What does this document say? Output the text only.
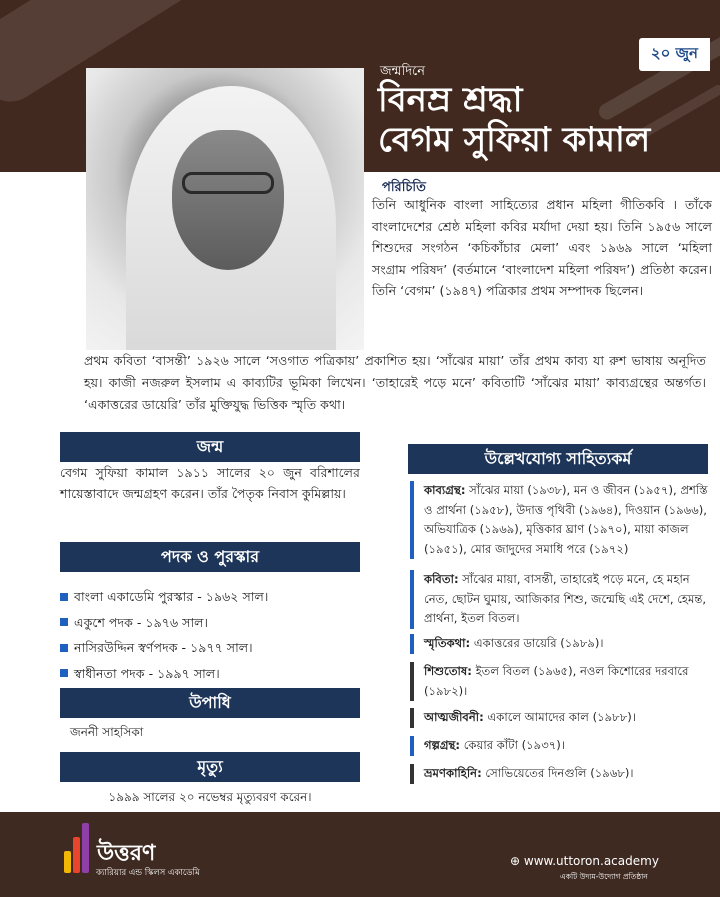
২০ জুন
জন্মদিনে
বিনম্র শ্রদ্ধা
বেগম সুফিয়া কামাল
পরিচিতি
তিনি আধুনিক বাংলা সাহিত্যের প্রধান মহিলা গীতিকবি । তাঁকে বাংলাদেশের শ্রেষ্ঠ মহিলা কবির মর্যাদা দেয়া হয়। তিনি ১৯৫৬ সালে শিশুদের সংগঠন ‘কচিকাঁচার মেলা’ এবং ১৯৬৯ সালে ‘মহিলা সংগ্রাম পরিষদ’ (বর্তমানে ‘বাংলাদেশ মহিলা পরিষদ’) প্রতিষ্ঠা করেন। তিনি ‘বেগম’ (১৯৪৭) পত্রিকার প্রথম সম্পাদক ছিলেন।
প্রথম কবিতা ‘বাসন্তী’ ১৯২৬ সালে ‘সওগাত পত্রিকায়’ প্রকাশিত হয়। ‘সাঁঝের মায়া’ তাঁর প্রথম কাব্য যা রুশ ভাষায় অনূদিত হয়। কাজী নজরুল ইসলাম এ কাব্যটির ভূমিকা লিখেন। ‘তাহারেই পড়ে মনে’ কবিতাটি ‘সাঁঝের মায়া’ কাব্যগ্রন্থের অন্তর্গত। ‘একাত্তরের ডায়েরি’ তাঁর মুক্তিযুদ্ধ ভিত্তিক স্মৃতি কথা।
জন্ম
বেগম সুফিয়া কামাল ১৯১১ সালের ২০ জুন বরিশালের শায়েস্তাবাদে জন্মগ্রহণ করেন। তাঁর পৈতৃক নিবাস কুমিল্লায়।
পদক ও পুরস্কার
বাংলা একাডেমি পুরস্কার - ১৯৬২ সাল।
একুশে পদক - ১৯৭৬ সাল।
নাসিরউদ্দিন স্বর্ণপদক - ১৯৭৭ সাল।
স্বাধীনতা পদক - ১৯৯৭ সাল।
উপাধি
জননী সাহসিকা
মৃত্যু
১৯৯৯ সালের ২০ নভেম্বর মৃত্যুবরণ করেন।
উল্লেখযোগ্য সাহিত্যকর্ম
কাব্যগ্রন্থ: সাঁঝের মায়া (১৯৩৮), মন ও জীবন (১৯৫৭), প্রশস্তি ও প্রার্থনা (১৯৫৮), উদাত্ত পৃথিবী (১৯৬৪), দিওয়ান (১৯৬৬), অভিযাত্রিক (১৯৬৯), মৃত্তিকার ঘ্রাণ (১৯৭০), মায়া কাজল (১৯৫১), মোর জাদুদের সমাধি পরে (১৯৭২)
কবিতা: সাঁঝের মায়া, বাসন্তী, তাহারেই পড়ে মনে, হে মহান নেত, ছোটন ঘুমায়, আজিকার শিশু, জন্মেছি এই দেশে, হেমন্ত, প্রার্থনা, ইতল বিতল।
স্মৃতিকথা: একাত্তরের ডায়েরি (১৯৮৯)।
শিশুতোষ: ইতল বিতল (১৯৬৫), নওল কিশোরের দরবারে (১৯৮২)।
আত্মজীবনী: একালে আমাদের কাল (১৯৮৮)।
গল্পগ্রন্থ: কেয়ার কাঁটা (১৯৩৭)।
ভ্রমণকাহিনি: সোভিয়েতের দিনগুলি (১৯৬৮)।
উত্তরণ
ক্যারিয়ার এন্ড স্কিলস একাডেমি
⊕ www.uttoron.academy
একটি উদ্যম-উদ্যোগ প্রতিষ্ঠান
